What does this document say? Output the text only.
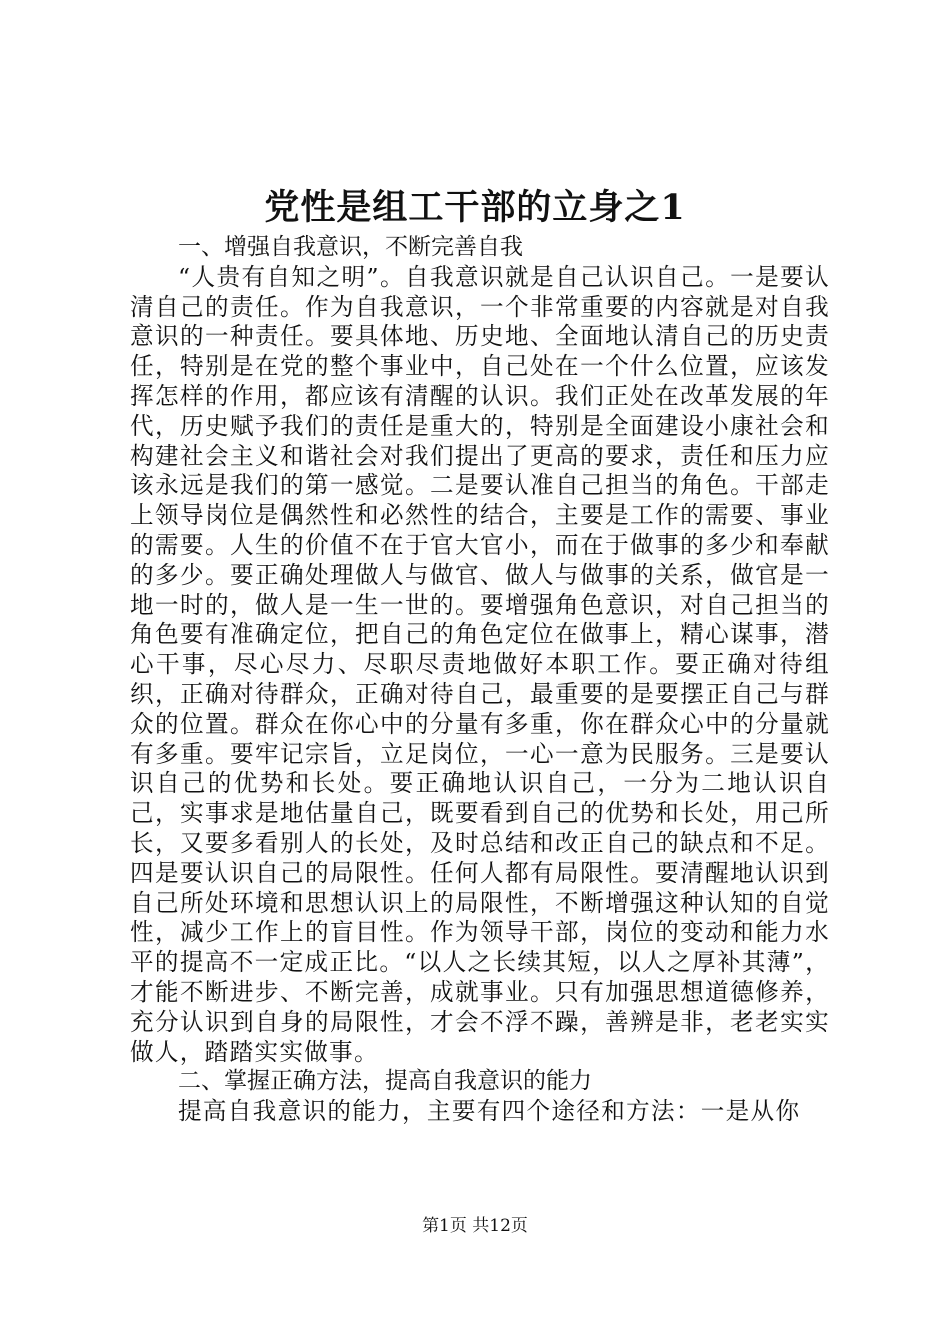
党性是组工干部的立身之1

一、增强自我意识，不断完善自我

“人贵有自知之明”。自我意识就是自己认识自己。一是要认清自己的责任。作为自我意识，一个非常重要的内容就是对自我意识的一种责任。要具体地、历史地、全面地认清自己的历史责任，特别是在党的整个事业中，自己处在一个什么位置，应该发挥怎样的作用，都应该有清醒的认识。我们正处在改革发展的年代，历史赋予我们的责任是重大的，特别是全面建设小康社会和构建社会主义和谐社会对我们提出了更高的要求，责任和压力应该永远是我们的第一感觉。二是要认准自己担当的角色。干部走上领导岗位是偶然性和必然性的结合，主要是工作的需要、事业的需要。人生的价值不在于官大官小，而在于做事的多少和奉献的多少。要正确处理做人与做官、做人与做事的关系，做官是一地一时的，做人是一生一世的。要增强角色意识，对自己担当的角色要有准确定位，把自己的角色定位在做事上，精心谋事，潜心干事，尽心尽力、尽职尽责地做好本职工作。要正确对待组织，正确对待群众，正确对待自己，最重要的是要摆正自己与群众的位置。群众在你心中的分量有多重，你在群众心中的分量就有多重。要牢记宗旨，立足岗位，一心一意为民服务。三是要认识自己的优势和长处。要正确地认识自己，一分为二地认识自己，实事求是地估量自己，既要看到自己的优势和长处，用己所长，又要多看别人的长处，及时总结和改正自己的缺点和不足。四是要认识自己的局限性。任何人都有局限性。要清醒地认识到自己所处环境和思想认识上的局限性，不断增强这种认知的自觉性，减少工作上的盲目性。作为领导干部，岗位的变动和能力水平的提高不一定成正比。“以人之长续其短，以人之厚补其薄”，才能不断进步、不断完善，成就事业。只有加强思想道德修养，充分认识到自身的局限性，才会不浮不躁，善辨是非，老老实实做人，踏踏实实做事。

二、掌握正确方法，提高自我意识的能力

提高自我意识的能力，主要有四个途径和方法：一是从你

第1页 共12页
